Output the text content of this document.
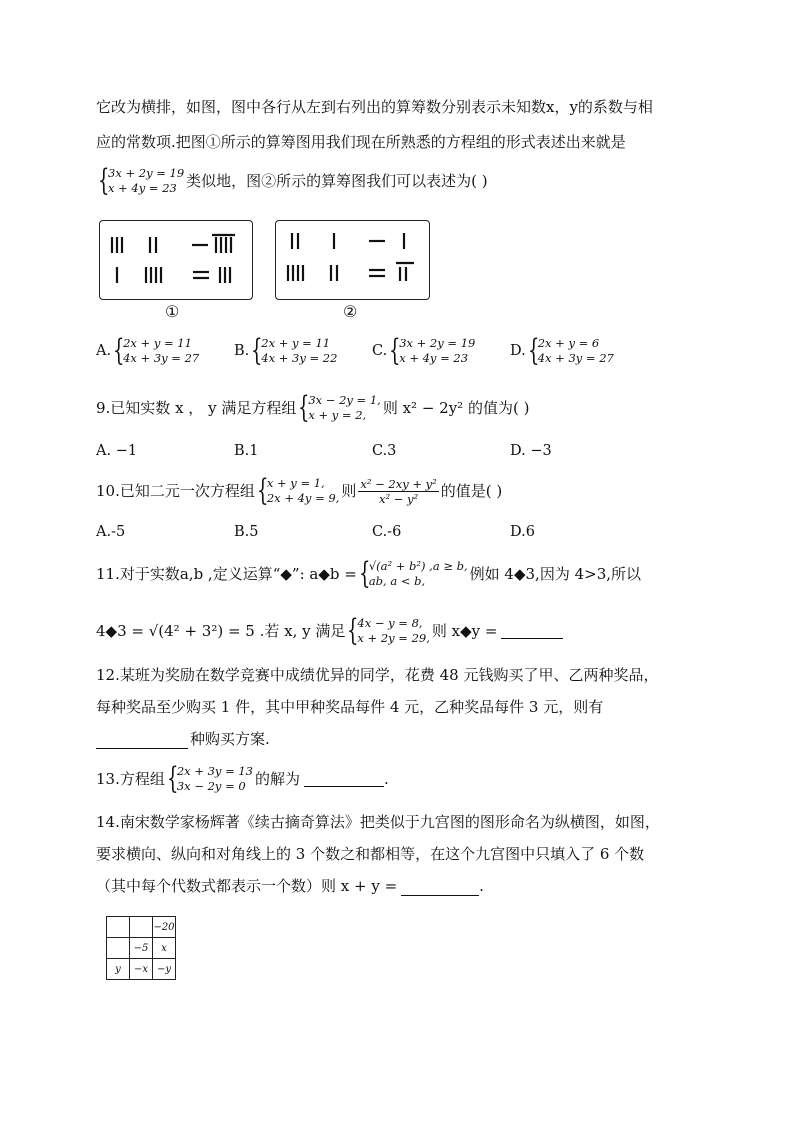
它改为横排，如图，图中各行从左到右列出的算筹数分别表示未知数x，y的系数与相
应的常数项.把图①所示的算筹图用我们现在所熟悉的方程组的形式表述出来就是
{
3x + 2y = 19
x + 4y = 23 类似地，图②所示的算筹图我们可以表述为( )
①	②
A. {
2x + y = 11
4x + 3y = 27 B. {
2x + y = 11
4x + 3y = 22 C. {
3x + 2y = 19
x + 4y = 23	D. {
2x + y = 6
4x + 3y = 27
9.已知实数 x ， y 满足方程组 {
3x − 2y = 1,
x + y = 2,	则 x² − 2y² 的值为( )
A. −1	B.1	C.3	D. −3
10.已知二元一次方程组 {
x + y = 1,
2x + 4y = 9, 则 $\frac{\text{x² − 2xy + y²}}{\text{x² − y²}}$ 的值是( )
A.-5	B.5	C.-6	D.6
11.对于实数a,b ,定义运算“◆”: a◆b = {
√(a² + b²) ,a ≥ b,
ab, a < b,	例如 4◆3,因为 4>3,所以
4◆3 = √(4² + 3²) = 5 .若 x, y 满足 {
4x − y = 8,
x + 2y = 29, 则 x◆y =
12.某班为奖励在数学竞赛中成绩优异的同学，花费 48 元钱购买了甲、乙两种奖品，
每种奖品至少购买 1 件，其中甲种奖品每件 4 元，乙种奖品每件 3 元，则有
种购买方案.
13.方程组 {
2x + 3y = 13
3x − 2y = 0 的解为	.
14.南宋数学家杨辉著《续古摘奇算法》把类似于九宫图的图形命名为纵横图，如图，
要求横向、纵向和对角线上的 3 个数之和都相等，在这个九宫图中只填入了 6 个数
（其中每个代数式都表示一个数）则 x + y =	.
		−20
	−5	x
y	−x	−y
